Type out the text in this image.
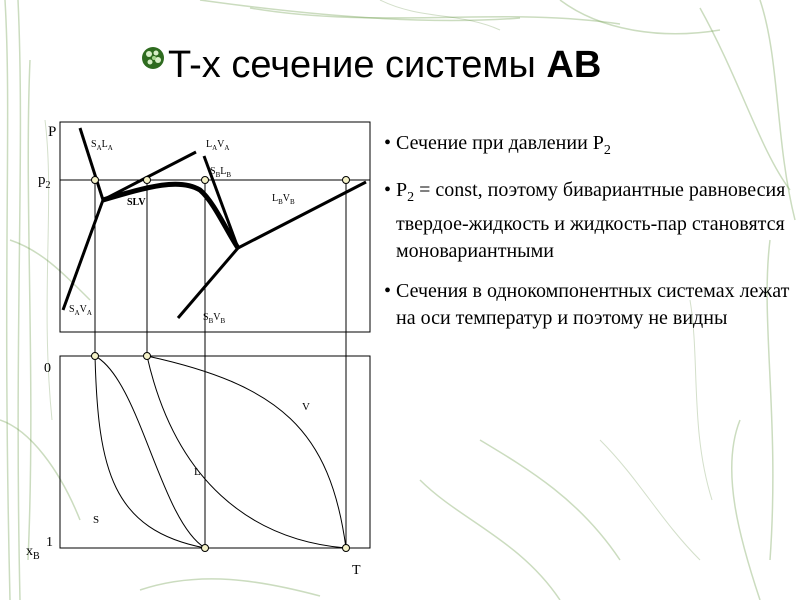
T-x сечение системы AB
P
$p_2$
$S_AL_A$	$L_AV_A$
$S_BL_B$
$L_BV_B$
SLV
$S_AV_A$	$S_BV_B$
0
1
$x_B$
T
V
L
S
• Сечение при давлении $P_2$
• $P_2$ = const, поэтому бивариантные равновесия твердое-жидкость и жидкость-пар становятся моновариантными
• Сечения в однокомпонентных системах лежат на оси температур и поэтому не видны
